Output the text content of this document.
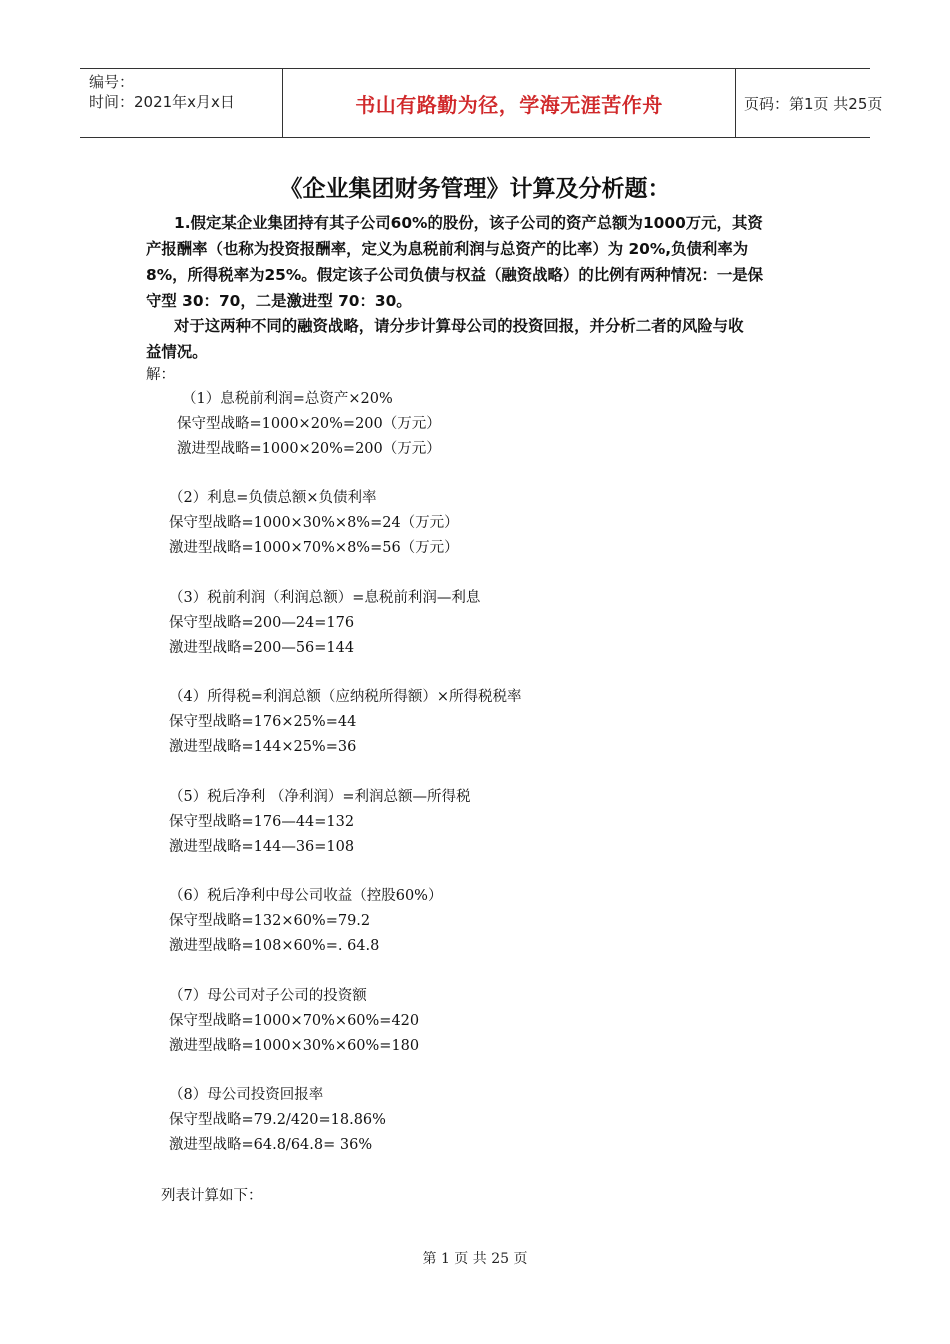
编号：
时间：2021年x月x日	书山有路勤为径，学海无涯苦作舟	页码：第1页 共25页
《企业集团财务管理》计算及分析题：
1.假定某企业集团持有其子公司60%的股份，该子公司的资产总额为1000万元，其资
产报酬率（也称为投资报酬率，定义为息税前利润与总资产的比率）为 20%,负债利率为
8%，所得税率为25%。假定该子公司负债与权益（融资战略）的比例有两种情况：一是保
守型 30：70，二是激进型 70：30。
对于这两种不同的融资战略，请分步计算母公司的投资回报，并分析二者的风险与收
益情况。
解：
（1）息税前利润=总资产×20%
保守型战略=1000×20%=200（万元）
激进型战略=1000×20%=200（万元）
（2）利息=负债总额×负债利率
保守型战略=1000×30%×8%=24（万元）
激进型战略=1000×70%×8%=56（万元）
（3）税前利润（利润总额）=息税前利润—利息
保守型战略=200—24=176
激进型战略=200—56=144
（4）所得税=利润总额（应纳税所得额）×所得税税率
保守型战略=176×25%=44
激进型战略=144×25%=36
（5）税后净利 （净利润）=利润总额—所得税
保守型战略=176—44=132
激进型战略=144—36=108
（6）税后净利中母公司收益（控股60%）
保守型战略=132×60%=79.2
激进型战略=108×60%=. 64.8
（7）母公司对子公司的投资额
保守型战略=1000×70%×60%=420
激进型战略=1000×30%×60%=180
（8）母公司投资回报率
保守型战略=79.2/420=18.86%
激进型战略=64.8/64.8= 36%
列表计算如下：
第 1 页 共 25 页
